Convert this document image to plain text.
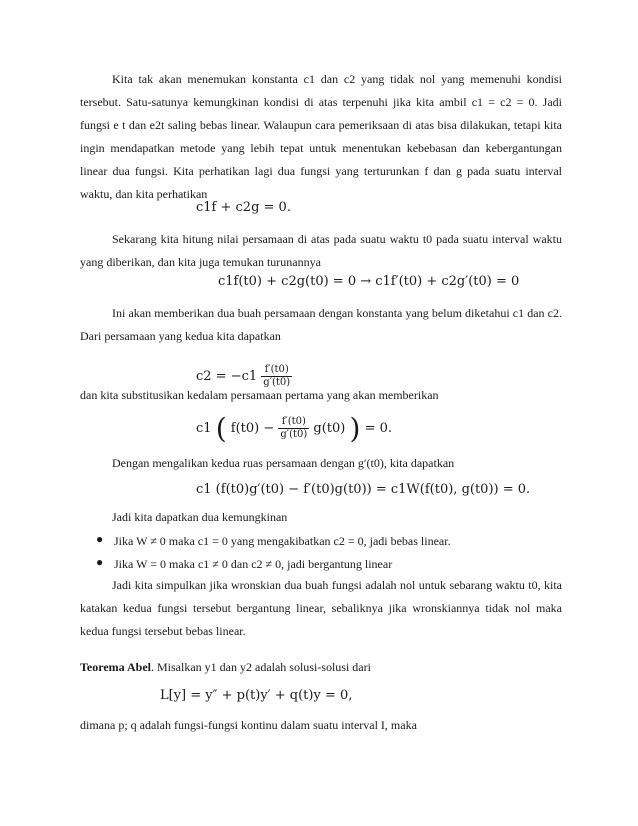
Kita tak akan menemukan konstanta c1 dan c2 yang tidak nol yang memenuhi kondisi tersebut. Satu-satunya kemungkinan kondisi di atas terpenuhi jika kita ambil c1 = c2 = 0. Jadi fungsi e t dan e2t saling bebas linear. Walaupun cara pemeriksaan di atas bisa dilakukan, tetapi kita ingin mendapatkan metode yang lebih tepat untuk menentukan kebebasan dan kebergantungan linear dua fungsi. Kita perhatikan lagi dua fungsi yang terturunkan f dan g pada suatu interval waktu, dan kita perhatikan

c1f + c2g = 0.

Sekarang kita hitung nilai persamaan di atas pada suatu waktu t0 pada suatu interval waktu yang diberikan, dan kita juga temukan turunannya

c1f(t0) + c2g(t0) = 0 → c1f′(t0) + c2g′(t0) = 0

Ini akan memberikan dua buah persamaan dengan konstanta yang belum diketahui c1 dan c2. Dari persamaan yang kedua kita dapatkan

$c2 = -c1 \frac{f'(t0)}{g'(t0)}$

dan kita substitusikan kedalam persamaan pertama yang akan memberikan

c1 ( $f(t0) - \frac{f'(t0)}{g'(t0)} g(t0)$ ) = 0.

Dengan mengalikan kedua ruas persamaan dengan g′(t0), kita dapatkan

c1 (f(t0)g′(t0) − f′(t0)g(t0)) = c1W(f(t0), g(t0)) = 0.

Jadi kita dapatkan dua kemungkinan

● Jika W ≠ 0 maka c1 = 0 yang mengakibatkan c2 = 0, jadi bebas linear.
● Jika W = 0 maka c1 ≠ 0 dan c2 ≠ 0, jadi bergantung linear

Jadi kita simpulkan jika wronskian dua buah fungsi adalah nol untuk sebarang waktu t0, kita katakan kedua fungsi tersebut bergantung linear, sebaliknya jika wronskiannya tidak nol maka kedua fungsi tersebut bebas linear.

Teorema Abel. Misalkan y1 dan y2 adalah solusi-solusi dari

L[y] = y″ + p(t)y′ + q(t)y = 0,

dimana p; q adalah fungsi-fungsi kontinu dalam suatu interval I, maka
